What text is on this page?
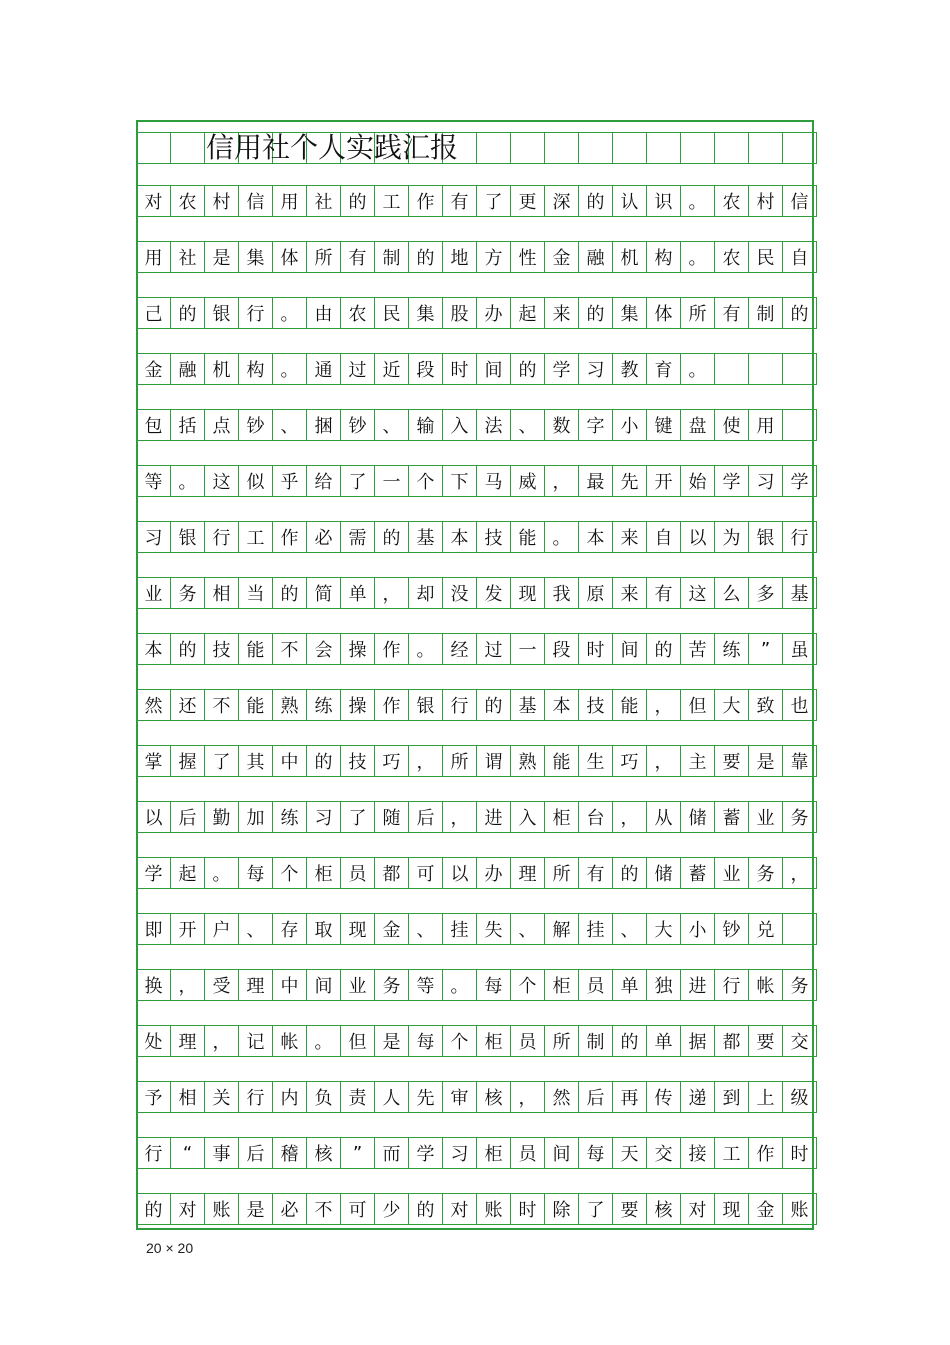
信用社个人实践汇报
对 农 村 信 用 社 的 工 作 有 了 更 深 的 认 识 。 农 村 信
用 社 是 集 体 所 有 制 的 地 方 性 金 融 机 构 。 农 民 自
己 的 银 行 。 由 农 民 集 股 办 起 来 的 集 体 所 有 制 的
金 融 机 构 。 通 过 近 段 时 间 的 学 习 教 育 。
包 括 点 钞 、 捆 钞 、 输 入 法 、 数 字 小 键 盘 使 用
等 。 这 似 乎 给 了 一 个 下 马 威 ， 最 先 开 始 学 习 学
习 银 行 工 作 必 需 的 基 本 技 能 。 本 来 自 以 为 银 行
业 务 相 当 的 简 单 ， 却 没 发 现 我 原 来 有 这 么 多 基
本 的 技 能 不 会 操 作 。 经 过 一 段 时 间 的 苦 练	”	虽
然 还 不 能 熟 练 操 作 银 行 的 基 本 技 能 ， 但 大 致 也
掌 握 了 其 中 的 技 巧 ， 所 谓 熟 能 生 巧 ， 主 要 是 靠
以 后 勤 加 练 习 了 随 后 ， 进 入 柜 台 ， 从 储 蓄 业 务
学 起 。 每 个 柜 员 都 可 以 办 理 所 有 的 储 蓄 业 务 ，
即 开 户 、 存 取 现 金 、 挂 失 、 解 挂 、 大 小 钞 兑
换 ， 受 理 中 间 业 务 等 。 每 个 柜 员 单 独 进 行 帐 务
处 理 ， 记 帐 。 但 是 每 个 柜 员 所 制 的 单 据 都 要 交
予 相 关 行 内 负 责 人 先 审 核 ， 然 后 再 传 递 到 上 级
行	“	事 后 稽 核	”	而 学 习 柜 员 间 每 天 交 接 工 作 时
的 对 账 是 必 不 可 少 的 对 账 时 除 了 要 核 对 现 金 账
20 × 20
